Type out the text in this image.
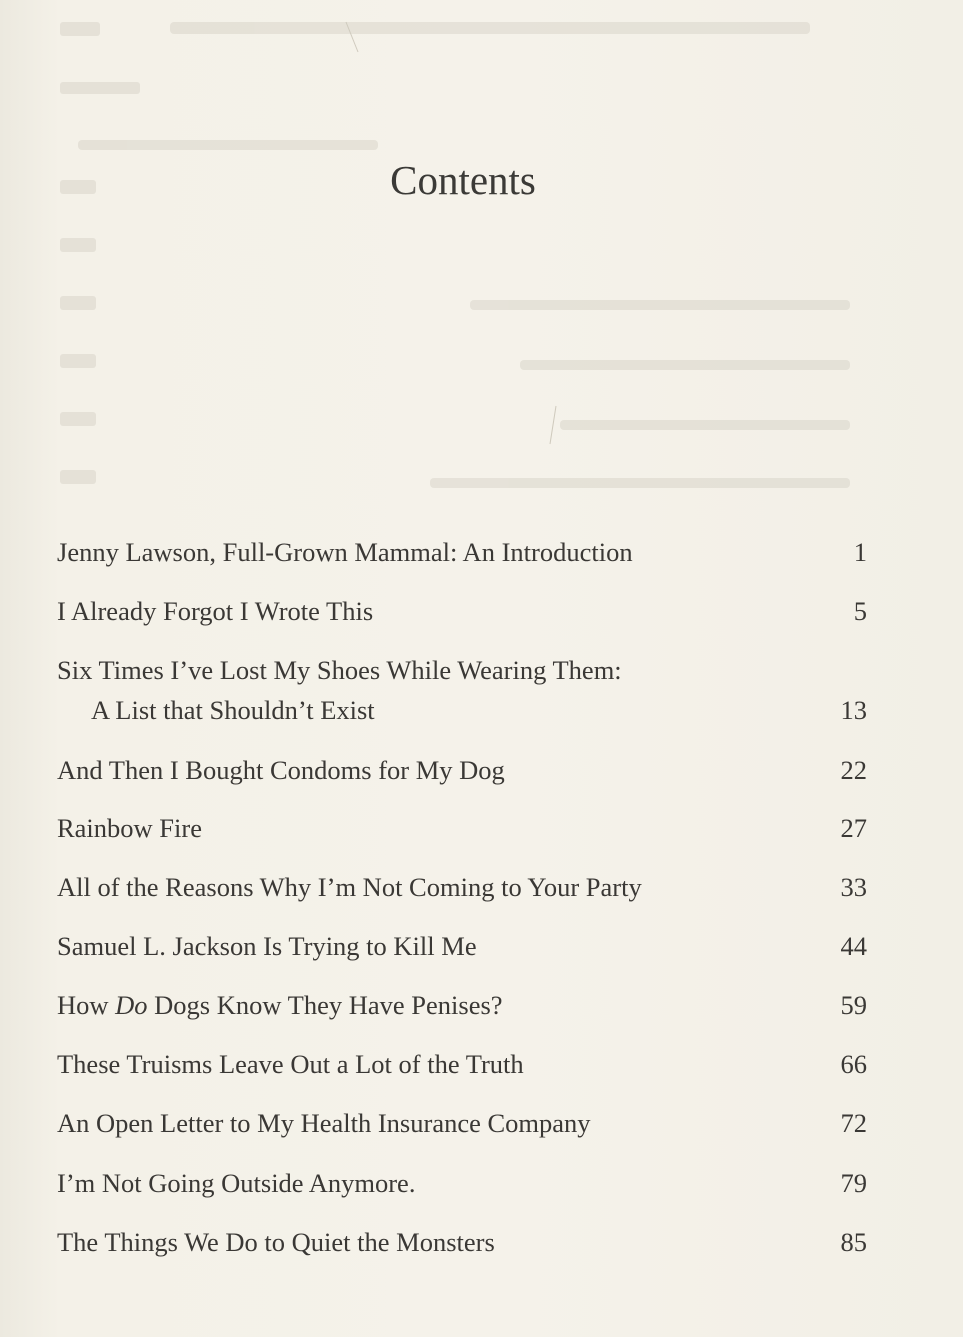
Contents
Jenny Lawson, Full-Grown Mammal: An Introduction	1
I Already Forgot I Wrote This	5
Six Times I’ve Lost My Shoes While Wearing Them:
A List that Shouldn’t Exist	13
And Then I Bought Condoms for My Dog	22
Rainbow Fire	27
All of the Reasons Why I’m Not Coming to Your Party	33
Samuel L. Jackson Is Trying to Kill Me	44
How Do Dogs Know They Have Penises?	59
These Truisms Leave Out a Lot of the Truth	66
An Open Letter to My Health Insurance Company	72
I’m Not Going Outside Anymore.	79
The Things We Do to Quiet the Monsters	85
